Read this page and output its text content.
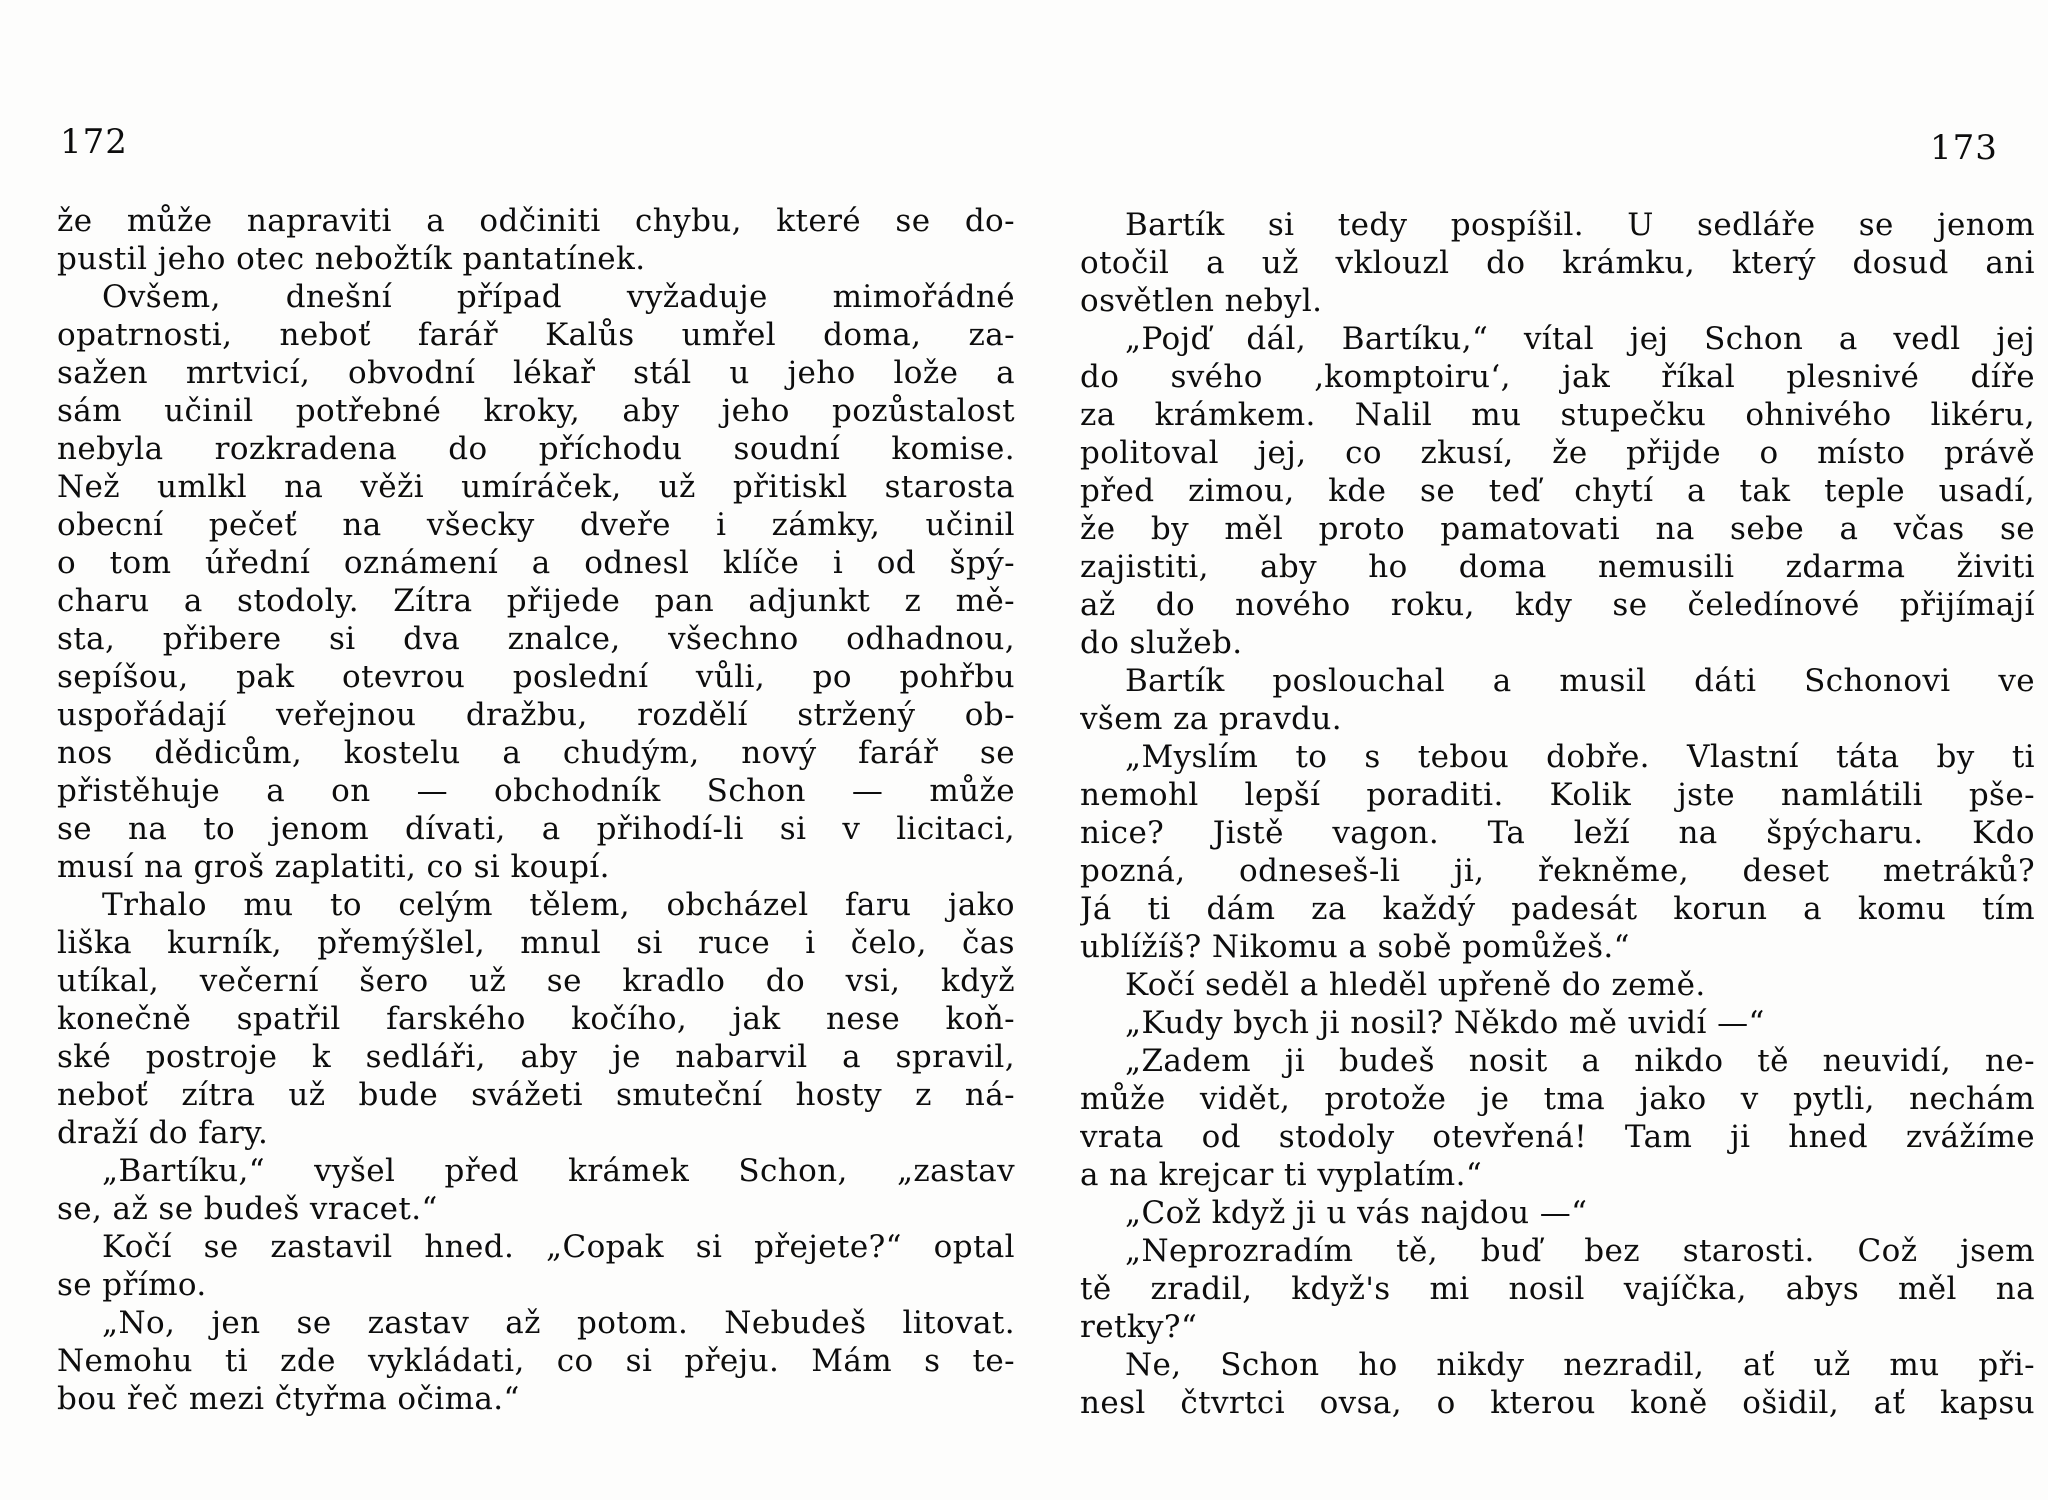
172	173
že může napraviti a odčiniti chybu, které se do-
pustil jeho otec nebožtík pantatínek.
Ovšem, dnešní případ vyžaduje mimořádné
opatrnosti, neboť farář Kalůs umřel doma, za-
sažen mrtvicí, obvodní lékař stál u jeho lože a
sám učinil potřebné kroky, aby jeho pozůstalost
nebyla rozkradena do příchodu soudní komise.
Než umlkl na věži umíráček, už přitiskl starosta
obecní pečeť na všecky dveře i zámky, učinil
o tom úřední oznámení a odnesl klíče i od špý-
charu a stodoly. Zítra přijede pan adjunkt z mě-
sta, přibere si dva znalce, všechno odhadnou,
sepíšou, pak otevrou poslední vůli, po pohřbu
uspořádají veřejnou dražbu, rozdělí stržený ob-
nos dědicům, kostelu a chudým, nový farář se
přistěhuje a on — obchodník Schon — může
se na to jenom dívati, a přihodí-li si v licitaci,
musí na groš zaplatiti, co si koupí.
Trhalo mu to celým tělem, obcházel faru jako
liška kurník, přemýšlel, mnul si ruce i čelo, čas
utíkal, večerní šero už se kradlo do vsi, když
konečně spatřil farského kočího, jak nese koň-
ské postroje k sedláři, aby je nabarvil a spravil,
neboť zítra už bude svážeti smuteční hosty z ná-
draží do fary.
„Bartíku,“ vyšel před krámek Schon, „zastav
se, až se budeš vracet.“
Kočí se zastavil hned. „Copak si přejete?“ optal
se přímo.
„No, jen se zastav až potom. Nebudeš litovat.
Nemohu ti zde vykládati, co si přeju. Mám s te-
bou řeč mezi čtyřma očima.“
Bartík si tedy pospíšil. U sedláře se jenom
otočil a už vklouzl do krámku, který dosud ani
osvětlen nebyl.
„Pojď dál, Bartíku,“ vítal jej Schon a vedl jej
do svého ‚komptoiru‘, jak říkal plesnivé díře
za krámkem. Nalil mu stupečku ohnivého likéru,
politoval jej, co zkusí, že přijde o místo právě
před zimou, kde se teď chytí a tak teple usadí,
že by měl proto pamatovati na sebe a včas se
zajistiti, aby ho doma nemusili zdarma živiti
až do nového roku, kdy se čeledínové přijímají
do služeb.
Bartík poslouchal a musil dáti Schonovi ve
všem za pravdu.
„Myslím to s tebou dobře. Vlastní táta by ti
nemohl lepší poraditi. Kolik jste namlátili pše-
nice? Jistě vagon. Ta leží na špýcharu. Kdo
pozná, odneseš-li ji, řekněme, deset metráků?
Já ti dám za každý padesát korun a komu tím
ublížíš? Nikomu a sobě pomůžeš.“
Kočí seděl a hleděl upřeně do země.
„Kudy bych ji nosil? Někdo mě uvidí —“
„Zadem ji budeš nosit a nikdo tě neuvidí, ne-
může vidět, protože je tma jako v pytli, nechám
vrata od stodoly otevřená! Tam ji hned zvážíme
a na krejcar ti vyplatím.“
„Což když ji u vás najdou —“
„Neprozradím tě, buď bez starosti. Což jsem
tě zradil, když's mi nosil vajíčka, abys měl na
retky?“
Ne, Schon ho nikdy nezradil, ať už mu při-
nesl čtvrtci ovsa, o kterou koně ošidil, ať kapsu
